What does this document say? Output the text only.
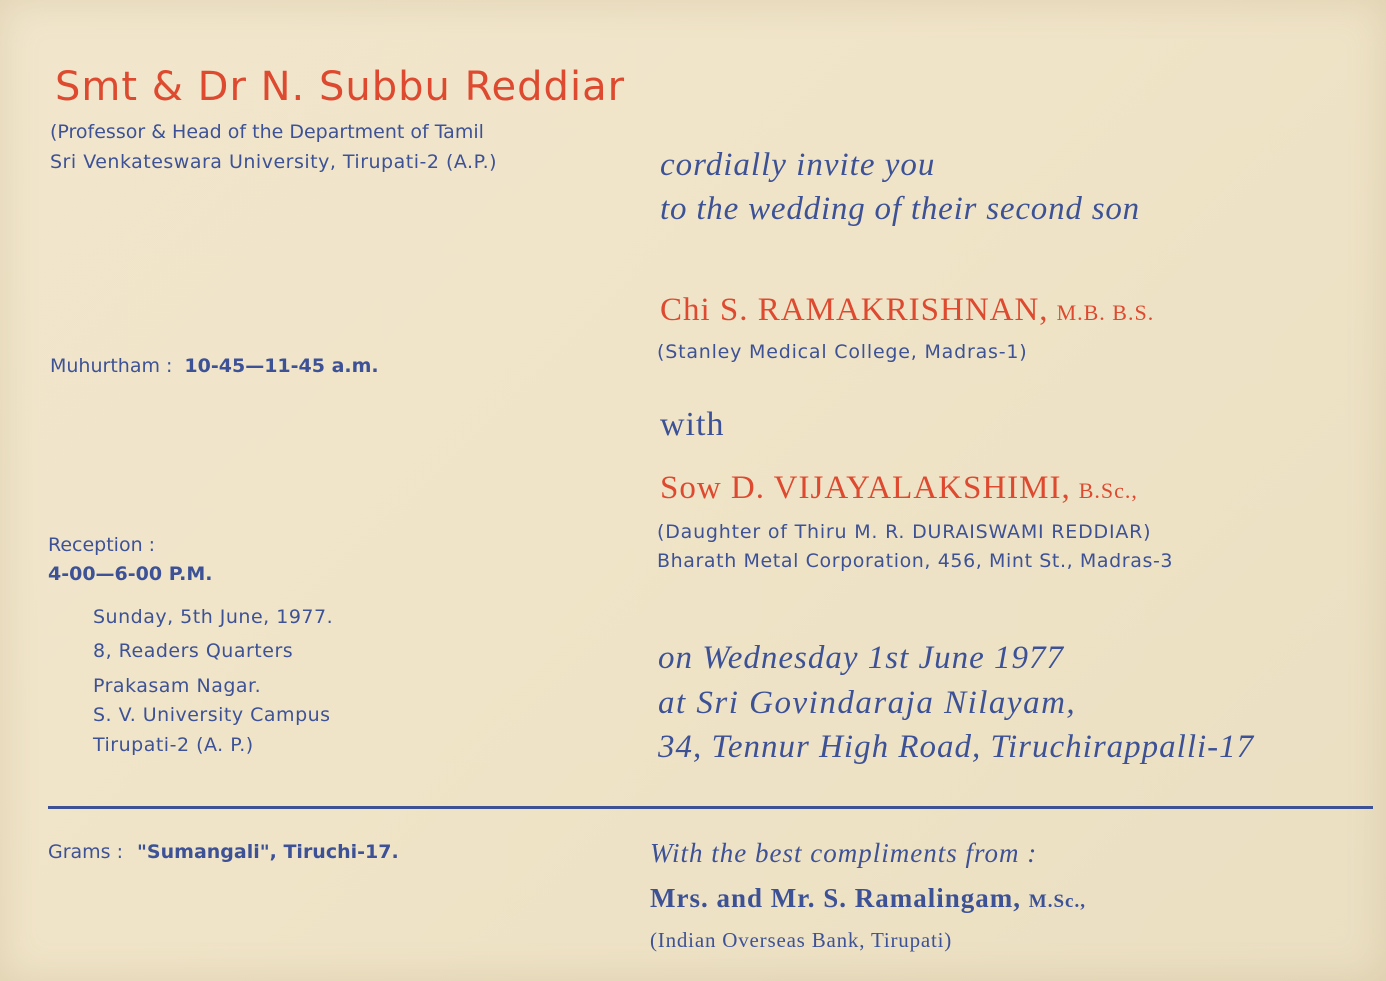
Smt & Dr N. Subbu Reddiar
(Professor & Head of the Department of Tamil
Sri Venkateswara University, Tirupati-2 (A.P.)	cordially invite you
to the wedding of their second son
Chi S. RAMAKRISHNAN, M.B. B.S.
(Stanley Medical College, Madras-1)
with
Sow D. VIJAYALAKSHIMI, B.Sc.,
(Daughter of Thiru M. R. DURAISWAMI REDDIAR)
Bharath Metal Corporation, 456, Mint St., Madras-3
on Wednesday 1st June 1977
at Sri Govindaraja Nilayam,
34, Tennur High Road, Tiruchirappalli-17
Muhurtham : 10-45—11-45 a.m.
Reception :
4-00—6-00 P.M.
Sunday, 5th June, 1977.
8, Readers Quarters
Prakasam Nagar.
S. V. University Campus
Tirupati-2 (A. P.)
Grams : "Sumangali", Tiruchi-17.	With the best compliments from :
Mrs. and Mr. S. Ramalingam, M.Sc.,
(Indian Overseas Bank, Tirupati)
